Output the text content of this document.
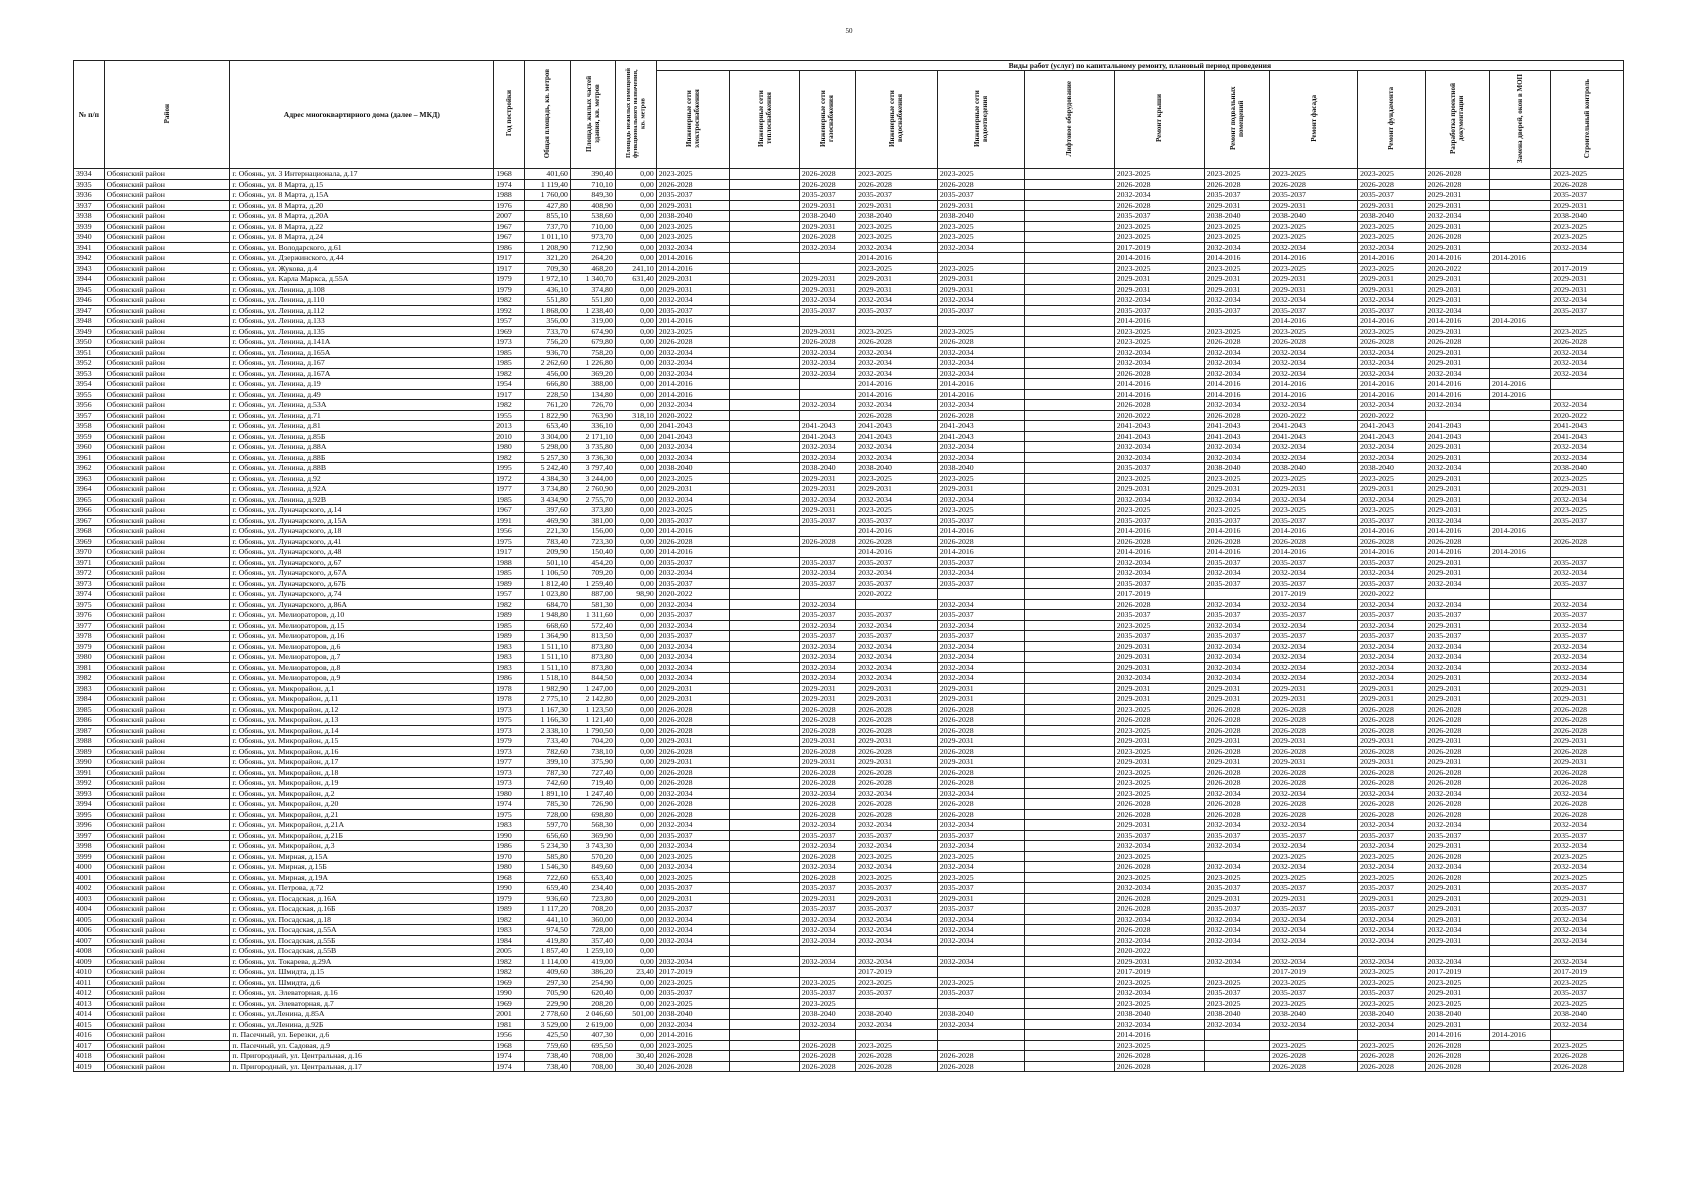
50
№ п/п	Район	Адрес многоквартирного дома (далее – МКД)	Год постройки	Общая площадь, кв. метров	Площадь жилых частей здания, кв. метров	Площадь нежилых помещений функционального назначения, кв. метров	Виды работ (услуг) по капитальному ремонту, плановый период проведения												
							Инженерные сети электроснабжения	Инженерные сети теплоснабжения	Инженерные сети газоснабжения	Инженерные сети водоснабжения	Инженерные сети водоотведения	Лифтовое оборудование	Ремонт крыши	Ремонт подвальных помещений	Ремонт фасада	Ремонт фундамента	Разработка проектной документации	Замена дверей, окон в МОП	Строительный контроль
3934	Обоянский район	г. Обоянь, ул. 3 Интернационала, д.17	1968	401,60	390,40	0,00	2023-2025		2026-2028	2023-2025	2023-2025		2023-2025	2023-2025	2023-2025	2023-2025	2026-2028		2023-2025
3935	Обоянский район	г. Обоянь, ул. 8 Марта, д.15	1974	1 119,40	710,10	0,00	2026-2028		2026-2028	2026-2028	2026-2028		2026-2028	2026-2028	2026-2028	2026-2028	2026-2028		2026-2028
3936	Обоянский район	г. Обоянь, ул. 8 Марта, д.15А	1988	1 760,00	849,30	0,00	2035-2037		2035-2037	2035-2037	2035-2037		2032-2034	2035-2037	2035-2037	2035-2037	2029-2031		2035-2037
3937	Обоянский район	г. Обоянь, ул. 8 Марта, д.20	1976	427,80	408,90	0,00	2029-2031		2029-2031	2029-2031	2029-2031		2026-2028	2029-2031	2029-2031	2029-2031	2029-2031		2029-2031
3938	Обоянский район	г. Обоянь, ул. 8 Марта, д.20А	2007	855,10	538,60	0,00	2038-2040		2038-2040	2038-2040	2038-2040		2035-2037	2038-2040	2038-2040	2038-2040	2032-2034		2038-2040
3939	Обоянский район	г. Обоянь, ул. 8 Марта, д.22	1967	737,70	710,00	0,00	2023-2025		2029-2031	2023-2025	2023-2025		2023-2025	2023-2025	2023-2025	2023-2025	2029-2031		2023-2025
3940	Обоянский район	г. Обоянь, ул. 8 Марта, д.24	1967	1 011,10	973,70	0,00	2023-2025		2026-2028	2023-2025	2023-2025		2023-2025	2023-2025	2023-2025	2023-2025	2026-2028		2023-2025
3941	Обоянский район	г. Обоянь, ул. Володарского, д.61	1986	1 208,90	712,90	0,00	2032-2034		2032-2034	2032-2034	2032-2034		2017-2019	2032-2034	2032-2034	2032-2034	2029-2031		2032-2034
3942	Обоянский район	г. Обоянь, ул. Дзержинского, д.44	1917	321,20	264,20	0,00	2014-2016			2014-2016			2014-2016	2014-2016	2014-2016	2014-2016	2014-2016	2014-2016	
3943	Обоянский район	г. Обоянь, ул. Жукова, д.4	1917	709,30	468,20	241,10	2014-2016			2023-2025	2023-2025		2023-2025	2023-2025	2023-2025	2023-2025	2020-2022		2017-2019
3944	Обоянский район	г. Обоянь, ул. Карла Маркса, д.55А	1979	1 972,10	1 340,70	631,40	2029-2031		2029-2031	2029-2031	2029-2031		2029-2031	2029-2031	2029-2031	2029-2031	2029-2031		2029-2031
3945	Обоянский район	г. Обоянь, ул. Ленина, д.108	1979	436,10	374,80	0,00	2029-2031		2029-2031	2029-2031	2029-2031		2029-2031	2029-2031	2029-2031	2029-2031	2029-2031		2029-2031
3946	Обоянский район	г. Обоянь, ул. Ленина, д.110	1982	551,80	551,80	0,00	2032-2034		2032-2034	2032-2034	2032-2034		2032-2034	2032-2034	2032-2034	2032-2034	2029-2031		2032-2034
3947	Обоянский район	г. Обоянь, ул. Ленина, д.112	1992	1 868,00	1 238,40	0,00	2035-2037		2035-2037	2035-2037	2035-2037		2035-2037	2035-2037	2035-2037	2035-2037	2032-2034		2035-2037
3948	Обоянский район	г. Обоянь, ул. Ленина, д.133	1957	356,00	319,00	0,00	2014-2016						2014-2016		2014-2016	2014-2016	2014-2016	2014-2016	
3949	Обоянский район	г. Обоянь, ул. Ленина, д.135	1969	733,70	674,90	0,00	2023-2025		2029-2031	2023-2025	2023-2025		2023-2025	2023-2025	2023-2025	2023-2025	2029-2031		2023-2025
3950	Обоянский район	г. Обоянь, ул. Ленина, д.141А	1973	756,20	679,80	0,00	2026-2028		2026-2028	2026-2028	2026-2028		2023-2025	2026-2028	2026-2028	2026-2028	2026-2028		2026-2028
3951	Обоянский район	г. Обоянь, ул. Ленина, д.165А	1985	936,70	758,20	0,00	2032-2034		2032-2034	2032-2034	2032-2034		2032-2034	2032-2034	2032-2034	2032-2034	2029-2031		2032-2034
3952	Обоянский район	г. Обоянь, ул. Ленина, д.167	1985	2 262,60	1 226,80	0,00	2032-2034		2032-2034	2032-2034	2032-2034		2032-2034	2032-2034	2032-2034	2032-2034	2029-2031		2032-2034
3953	Обоянский район	г. Обоянь, ул. Ленина, д.167А	1982	456,00	369,20	0,00	2032-2034		2032-2034	2032-2034	2032-2034		2026-2028	2032-2034	2032-2034	2032-2034	2032-2034		2032-2034
3954	Обоянский район	г. Обоянь, ул. Ленина, д.19	1954	666,80	388,00	0,00	2014-2016			2014-2016	2014-2016		2014-2016	2014-2016	2014-2016	2014-2016	2014-2016	2014-2016	
3955	Обоянский район	г. Обоянь, ул. Ленина, д.49	1917	228,50	134,80	0,00	2014-2016			2014-2016	2014-2016		2014-2016	2014-2016	2014-2016	2014-2016	2014-2016	2014-2016	
3956	Обоянский район	г. Обоянь, ул. Ленина, д.53А	1982	761,20	726,70	0,00	2032-2034		2032-2034	2032-2034	2032-2034		2026-2028	2032-2034	2032-2034	2032-2034	2032-2034		2032-2034
3957	Обоянский район	г. Обоянь, ул. Ленина, д.71	1955	1 822,90	763,90	318,10	2020-2022			2026-2028	2026-2028		2020-2022	2026-2028	2020-2022	2020-2022			2020-2022
3958	Обоянский район	г. Обоянь, ул. Ленина, д.81	2013	653,40	336,10	0,00	2041-2043		2041-2043	2041-2043	2041-2043		2041-2043	2041-2043	2041-2043	2041-2043	2041-2043		2041-2043
3959	Обоянский район	г. Обоянь, ул. Ленина, д.85Б	2010	3 304,00	2 171,10	0,00	2041-2043		2041-2043	2041-2043	2041-2043		2041-2043	2041-2043	2041-2043	2041-2043	2041-2043		2041-2043
3960	Обоянский район	г. Обоянь, ул. Ленина, д.88А	1980	5 298,00	3 735,80	0,00	2032-2034		2032-2034	2032-2034	2032-2034		2032-2034	2032-2034	2032-2034	2032-2034	2029-2031		2032-2034
3961	Обоянский район	г. Обоянь, ул. Ленина, д.88Б	1982	5 257,30	3 736,30	0,00	2032-2034		2032-2034	2032-2034	2032-2034		2032-2034	2032-2034	2032-2034	2032-2034	2029-2031		2032-2034
3962	Обоянский район	г. Обоянь, ул. Ленина, д.88В	1995	5 242,40	3 797,40	0,00	2038-2040		2038-2040	2038-2040	2038-2040		2035-2037	2038-2040	2038-2040	2038-2040	2032-2034		2038-2040
3963	Обоянский район	г. Обоянь, ул. Ленина, д.92	1972	4 384,30	3 244,00	0,00	2023-2025		2029-2031	2023-2025	2023-2025		2023-2025	2023-2025	2023-2025	2023-2025	2029-2031		2023-2025
3964	Обоянский район	г. Обоянь, ул. Ленина, д.92А	1977	3 734,80	2 760,90	0,00	2029-2031		2029-2031	2029-2031	2029-2031		2029-2031	2029-2031	2029-2031	2029-2031	2029-2031		2029-2031
3965	Обоянский район	г. Обоянь, ул. Ленина, д.92В	1985	3 434,90	2 755,70	0,00	2032-2034		2032-2034	2032-2034	2032-2034		2032-2034	2032-2034	2032-2034	2032-2034	2029-2031		2032-2034
3966	Обоянский район	г. Обоянь, ул. Луначарского, д.14	1967	397,60	373,80	0,00	2023-2025		2029-2031	2023-2025	2023-2025		2023-2025	2023-2025	2023-2025	2023-2025	2029-2031		2023-2025
3967	Обоянский район	г. Обоянь, ул. Луначарского, д.15А	1991	469,90	381,00	0,00	2035-2037		2035-2037	2035-2037	2035-2037		2035-2037	2035-2037	2035-2037	2035-2037	2032-2034		2035-2037
3968	Обоянский район	г. Обоянь, ул. Луначарского, д.18	1956	221,30	156,00	0,00	2014-2016			2014-2016	2014-2016		2014-2016	2014-2016	2014-2016	2014-2016	2014-2016	2014-2016	
3969	Обоянский район	г. Обоянь, ул. Луначарского, д.41	1975	783,40	723,30	0,00	2026-2028		2026-2028	2026-2028	2026-2028		2026-2028	2026-2028	2026-2028	2026-2028	2026-2028		2026-2028
3970	Обоянский район	г. Обоянь, ул. Луначарского, д.48	1917	209,90	150,40	0,00	2014-2016			2014-2016	2014-2016		2014-2016	2014-2016	2014-2016	2014-2016	2014-2016	2014-2016	
3971	Обоянский район	г. Обоянь, ул. Луначарского, д.67	1988	501,10	454,20	0,00	2035-2037		2035-2037	2035-2037	2035-2037		2032-2034	2035-2037	2035-2037	2035-2037	2029-2031		2035-2037
3972	Обоянский район	г. Обоянь, ул. Луначарского, д.67А	1985	1 106,50	709,20	0,00	2032-2034		2032-2034	2032-2034	2032-2034		2032-2034	2032-2034	2032-2034	2032-2034	2029-2031		2032-2034
3973	Обоянский район	г. Обоянь, ул. Луначарского, д.67Б	1989	1 812,40	1 259,40	0,00	2035-2037		2035-2037	2035-2037	2035-2037		2035-2037	2035-2037	2035-2037	2035-2037	2032-2034		2035-2037
3974	Обоянский район	г. Обоянь, ул. Луначарского, д.74	1957	1 023,80	887,00	98,90	2020-2022			2020-2022			2017-2019		2017-2019	2020-2022			
3975	Обоянский район	г. Обоянь, ул. Луначарского, д.86А	1982	684,70	581,30	0,00	2032-2034		2032-2034		2032-2034		2026-2028	2032-2034	2032-2034	2032-2034	2032-2034		2032-2034
3976	Обоянский район	г. Обоянь, ул. Мелиораторов, д.10	1989	1 948,80	1 311,60	0,00	2035-2037		2035-2037	2035-2037	2035-2037		2035-2037	2035-2037	2035-2037	2035-2037	2035-2037		2035-2037
3977	Обоянский район	г. Обоянь, ул. Мелиораторов, д.15	1985	668,60	572,40	0,00	2032-2034		2032-2034	2032-2034	2032-2034		2023-2025	2032-2034	2032-2034	2032-2034	2029-2031		2032-2034
3978	Обоянский район	г. Обоянь, ул. Мелиораторов, д.16	1989	1 364,90	813,50	0,00	2035-2037		2035-2037	2035-2037	2035-2037		2035-2037	2035-2037	2035-2037	2035-2037	2035-2037		2035-2037
3979	Обоянский район	г. Обоянь, ул. Мелиораторов, д.6	1983	1 511,10	873,80	0,00	2032-2034		2032-2034	2032-2034	2032-2034		2029-2031	2032-2034	2032-2034	2032-2034	2032-2034		2032-2034
3980	Обоянский район	г. Обоянь, ул. Мелиораторов, д.7	1983	1 511,10	873,80	0,00	2032-2034		2032-2034	2032-2034	2032-2034		2029-2031	2032-2034	2032-2034	2032-2034	2032-2034		2032-2034
3981	Обоянский район	г. Обоянь, ул. Мелиораторов, д.8	1983	1 511,10	873,80	0,00	2032-2034		2032-2034	2032-2034	2032-2034		2029-2031	2032-2034	2032-2034	2032-2034	2032-2034		2032-2034
3982	Обоянский район	г. Обоянь, ул. Мелиораторов, д.9	1986	1 518,10	844,50	0,00	2032-2034		2032-2034	2032-2034	2032-2034		2032-2034	2032-2034	2032-2034	2032-2034	2029-2031		2032-2034
3983	Обоянский район	г. Обоянь, ул. Микрорайон, д.1	1978	1 982,90	1 247,00	0,00	2029-2031		2029-2031	2029-2031	2029-2031		2029-2031	2029-2031	2029-2031	2029-2031	2029-2031		2029-2031
3984	Обоянский район	г. Обоянь, ул. Микрорайон, д.11	1978	2 775,10	2 142,80	0,00	2029-2031		2029-2031	2029-2031	2029-2031		2029-2031	2029-2031	2029-2031	2029-2031	2029-2031		2029-2031
3985	Обоянский район	г. Обоянь, ул. Микрорайон, д.12	1973	1 167,30	1 123,50	0,00	2026-2028		2026-2028	2026-2028	2026-2028		2023-2025	2026-2028	2026-2028	2026-2028	2026-2028		2026-2028
3986	Обоянский район	г. Обоянь, ул. Микрорайон, д.13	1975	1 166,30	1 121,40	0,00	2026-2028		2026-2028	2026-2028	2026-2028		2026-2028	2026-2028	2026-2028	2026-2028	2026-2028		2026-2028
3987	Обоянский район	г. Обоянь, ул. Микрорайон, д.14	1973	2 338,10	1 790,50	0,00	2026-2028		2026-2028	2026-2028	2026-2028		2023-2025	2026-2028	2026-2028	2026-2028	2026-2028		2026-2028
3988	Обоянский район	г. Обоянь, ул. Микрорайон, д.15	1979	733,40	704,20	0,00	2029-2031		2029-2031	2029-2031	2029-2031		2029-2031	2029-2031	2029-2031	2029-2031	2029-2031		2029-2031
3989	Обоянский район	г. Обоянь, ул. Микрорайон, д.16	1973	782,60	738,10	0,00	2026-2028		2026-2028	2026-2028	2026-2028		2023-2025	2026-2028	2026-2028	2026-2028	2026-2028		2026-2028
3990	Обоянский район	г. Обоянь, ул. Микрорайон, д.17	1977	399,10	375,90	0,00	2029-2031		2029-2031	2029-2031	2029-2031		2029-2031	2029-2031	2029-2031	2029-2031	2029-2031		2029-2031
3991	Обоянский район	г. Обоянь, ул. Микрорайон, д.18	1973	787,30	727,40	0,00	2026-2028		2026-2028	2026-2028	2026-2028		2023-2025	2026-2028	2026-2028	2026-2028	2026-2028		2026-2028
3992	Обоянский район	г. Обоянь, ул. Микрорайон, д.19	1973	742,60	719,40	0,00	2026-2028		2026-2028	2026-2028	2026-2028		2023-2025	2026-2028	2026-2028	2026-2028	2026-2028		2026-2028
3993	Обоянский район	г. Обоянь, ул. Микрорайон, д.2	1980	1 891,10	1 247,40	0,00	2032-2034		2032-2034	2032-2034	2032-2034		2023-2025	2032-2034	2032-2034	2032-2034	2032-2034		2032-2034
3994	Обоянский район	г. Обоянь, ул. Микрорайон, д.20	1974	785,30	726,90	0,00	2026-2028		2026-2028	2026-2028	2026-2028		2026-2028	2026-2028	2026-2028	2026-2028	2026-2028		2026-2028
3995	Обоянский район	г. Обоянь, ул. Микрорайон, д.21	1975	728,00	698,80	0,00	2026-2028		2026-2028	2026-2028	2026-2028		2026-2028	2026-2028	2026-2028	2026-2028	2026-2028		2026-2028
3996	Обоянский район	г. Обоянь, ул. Микрорайон, д.21А	1983	597,70	568,30	0,00	2032-2034		2032-2034	2032-2034	2032-2034		2029-2031	2032-2034	2032-2034	2032-2034	2032-2034		2032-2034
3997	Обоянский район	г. Обоянь, ул. Микрорайон, д.21Б	1990	656,60	369,90	0,00	2035-2037		2035-2037	2035-2037	2035-2037		2035-2037	2035-2037	2035-2037	2035-2037	2035-2037		2035-2037
3998	Обоянский район	г. Обоянь, ул. Микрорайон, д.3	1986	5 234,30	3 743,30	0,00	2032-2034		2032-2034	2032-2034	2032-2034		2032-2034	2032-2034	2032-2034	2032-2034	2029-2031		2032-2034
3999	Обоянский район	г. Обоянь, ул. Мирная, д.15А	1970	585,80	570,20	0,00	2023-2025		2026-2028	2023-2025	2023-2025		2023-2025		2023-2025	2023-2025	2026-2028		2023-2025
4000	Обоянский район	г. Обоянь, ул. Мирная, д.15Б	1980	1 546,30	849,60	0,00	2032-2034		2032-2034	2032-2034	2032-2034		2026-2028	2032-2034	2032-2034	2032-2034	2032-2034		2032-2034
4001	Обоянский район	г. Обоянь, ул. Мирная, д.19А	1968	722,60	653,40	0,00	2023-2025		2026-2028	2023-2025	2023-2025		2023-2025	2023-2025	2023-2025	2023-2025	2026-2028		2023-2025
4002	Обоянский район	г. Обоянь, ул. Петрова, д.72	1990	659,40	234,40	0,00	2035-2037		2035-2037	2035-2037	2035-2037		2032-2034	2035-2037	2035-2037	2035-2037	2029-2031		2035-2037
4003	Обоянский район	г. Обоянь, ул. Посадская, д.16А	1979	936,60	723,80	0,00	2029-2031		2029-2031	2029-2031	2029-2031		2026-2028	2029-2031	2029-2031	2029-2031	2029-2031		2029-2031
4004	Обоянский район	г. Обоянь, ул. Посадская, д.16Б	1989	1 117,20	708,20	0,00	2035-2037		2035-2037	2035-2037	2035-2037		2026-2028	2035-2037	2035-2037	2035-2037	2029-2031		2035-2037
4005	Обоянский район	г. Обоянь, ул. Посадская, д.18	1982	441,10	360,00	0,00	2032-2034		2032-2034	2032-2034	2032-2034		2032-2034	2032-2034	2032-2034	2032-2034	2029-2031		2032-2034
4006	Обоянский район	г. Обоянь, ул. Посадская, д.55А	1983	974,50	728,00	0,00	2032-2034		2032-2034	2032-2034	2032-2034		2026-2028	2032-2034	2032-2034	2032-2034	2032-2034		2032-2034
4007	Обоянский район	г. Обоянь, ул. Посадская, д.55Б	1984	419,80	357,40	0,00	2032-2034		2032-2034	2032-2034	2032-2034		2032-2034	2032-2034	2032-2034	2032-2034	2029-2031		2032-2034
4008	Обоянский район	г. Обоянь, ул. Посадская, д.55В	2005	1 857,40	1 259,10	0,00							2020-2022						
4009	Обоянский район	г. Обоянь, ул. Токарева, д.29А	1982	1 114,00	419,00	0,00	2032-2034		2032-2034	2032-2034	2032-2034		2029-2031	2032-2034	2032-2034	2032-2034	2032-2034		2032-2034
4010	Обоянский район	г. Обоянь, ул. Шмидта, д.15	1982	409,60	386,20	23,40	2017-2019			2017-2019			2017-2019		2017-2019	2023-2025	2017-2019		2017-2019
4011	Обоянский район	г. Обоянь, ул. Шмидта, д.6	1969	297,30	254,90	0,00	2023-2025		2023-2025	2023-2025	2023-2025		2023-2025	2023-2025	2023-2025	2023-2025	2023-2025		2023-2025
4012	Обоянский район	г. Обоянь, ул. Элеваторная, д.16	1990	705,90	620,40	0,00	2035-2037		2035-2037	2035-2037	2035-2037		2032-2034	2035-2037	2035-2037	2035-2037	2029-2031		2035-2037
4013	Обоянский район	г. Обоянь, ул. Элеваторная, д.7	1969	229,90	208,20	0,00	2023-2025		2023-2025				2023-2025	2023-2025	2023-2025	2023-2025	2023-2025		2023-2025
4014	Обоянский район	г. Обоянь, ул.Ленина, д.85А	2001	2 778,60	2 046,60	501,00	2038-2040		2038-2040	2038-2040	2038-2040		2038-2040	2038-2040	2038-2040	2038-2040	2038-2040		2038-2040
4015	Обоянский район	г. Обоянь, ул.Ленина, д.92Б	1981	3 529,00	2 619,00	0,00	2032-2034		2032-2034	2032-2034	2032-2034		2032-2034	2032-2034	2032-2034	2032-2034	2029-2031		2032-2034
4016	Обоянский район	п. Пасечный, ул. Березки, д.6	1956	425,50	407,30	0,00	2014-2016						2014-2016				2014-2016	2014-2016	
4017	Обоянский район	п. Пасечный, ул. Садовая, д.9	1968	759,60	695,50	0,00	2023-2025		2026-2028	2023-2025			2023-2025		2023-2025	2023-2025	2026-2028		2023-2025
4018	Обоянский район	п. Пригородный, ул. Центральная, д.16	1974	738,40	708,00	30,40	2026-2028		2026-2028	2026-2028	2026-2028		2026-2028		2026-2028	2026-2028	2026-2028		2026-2028
4019	Обоянский район	п. Пригородный, ул. Центральная, д.17	1974	738,40	708,00	30,40	2026-2028		2026-2028	2026-2028	2026-2028		2026-2028		2026-2028	2026-2028	2026-2028		2026-2028
